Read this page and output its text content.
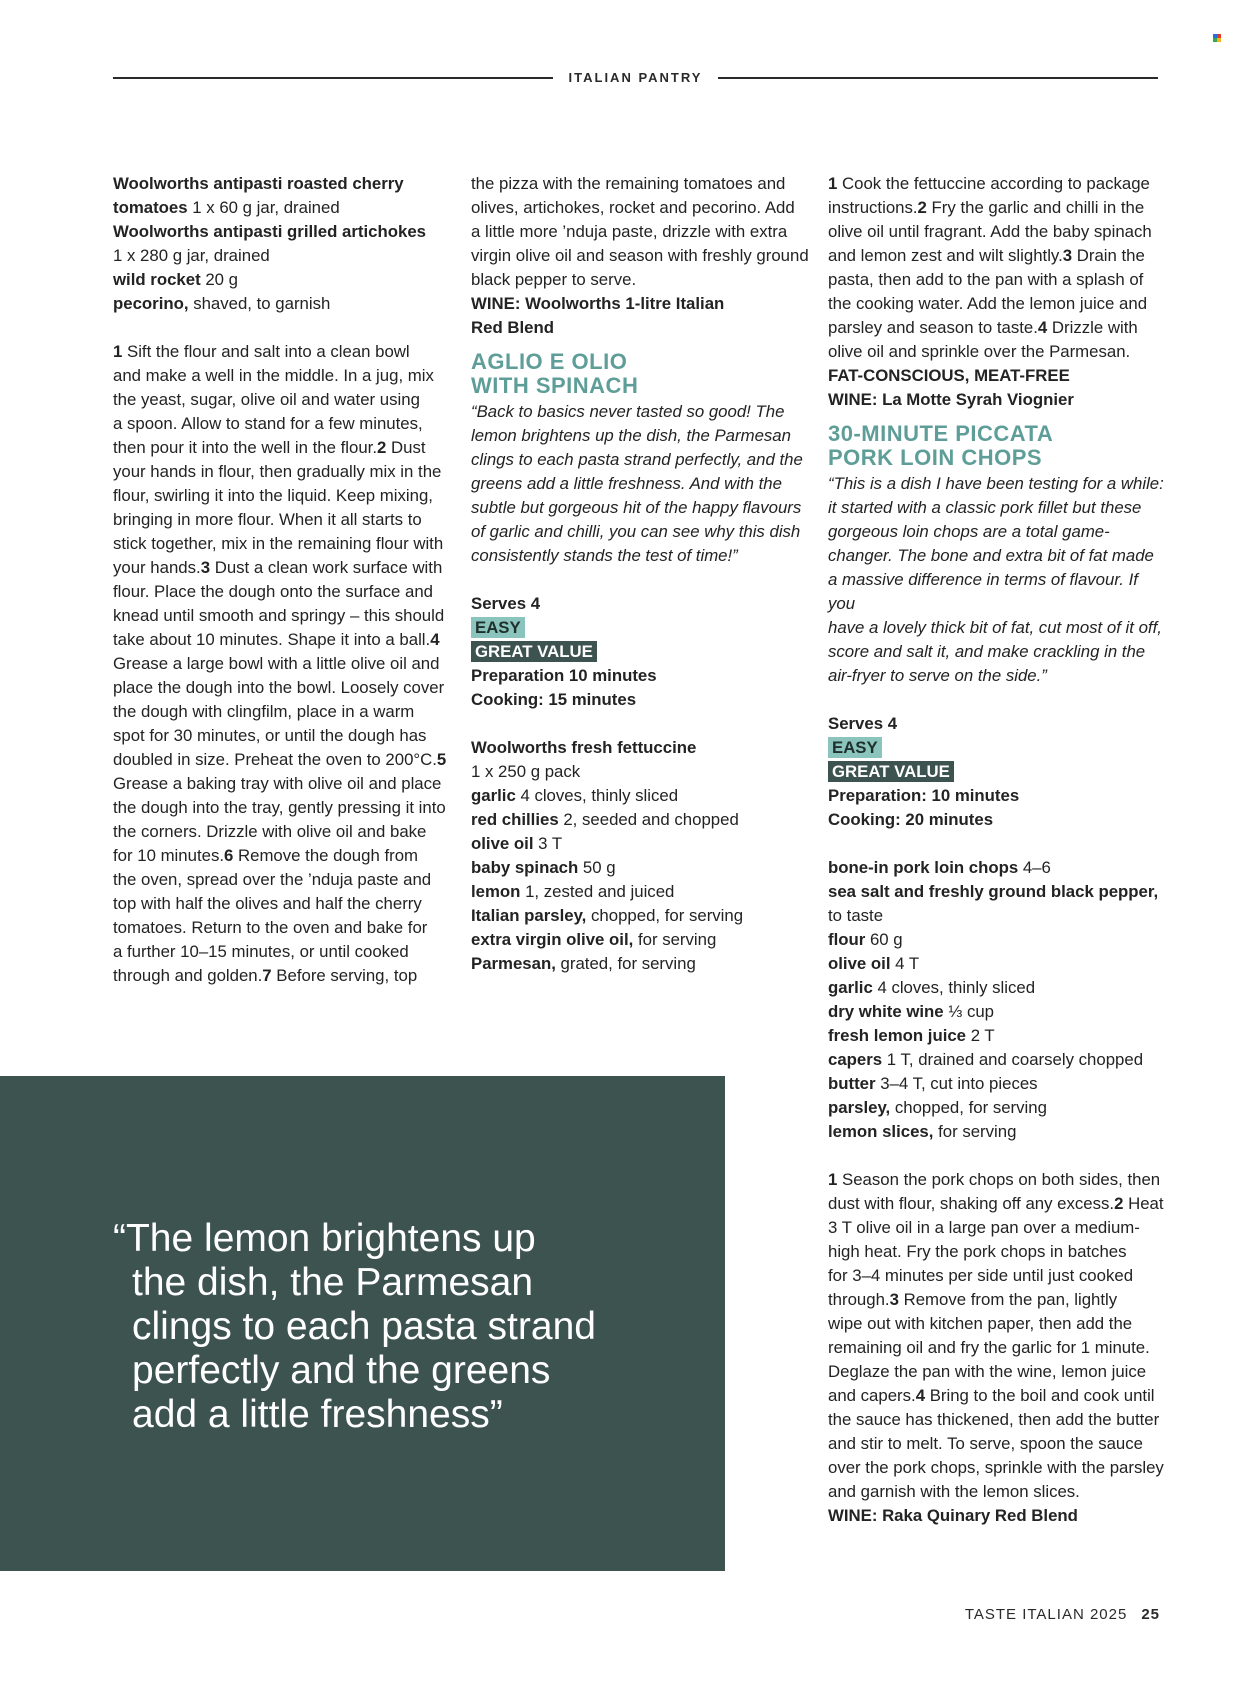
ITALIAN PANTRY

Woolworths antipasti roasted cherry

tomatoes 1 x 60 g jar, drained

Woolworths antipasti grilled artichokes

1 x 280 g jar, drained

wild rocket 20 g

pecorino, shaved, to garnish

1 Sift the flour and salt into a clean bowl

and make a well in the middle. In a jug, mix

the yeast, sugar, olive oil and water using

a spoon. Allow to stand for a few minutes,

then pour it into the well in the flour.2 Dust

your hands in flour, then gradually mix in the

flour, swirling it into the liquid. Keep mixing,

bringing in more flour. When it all starts to

stick together, mix in the remaining flour with

your hands.3 Dust a clean work surface with

flour. Place the dough onto the surface and

knead until smooth and springy – this should

take about 10 minutes. Shape it into a ball.4 Grease a large bowl with a little olive oil and

place the dough into the bowl. Loosely cover

the dough with clingfilm, place in a warm

spot for 30 minutes, or until the dough has

doubled in size. Preheat the oven to 200°C.5 Grease a baking tray with olive oil and place

the dough into the tray, gently pressing it into

the corners. Drizzle with olive oil and bake

for 10 minutes.6 Remove the dough from

the oven, spread over the ’nduja paste and

top with half the olives and half the cherry

tomatoes. Return to the oven and bake for

a further 10–15 minutes, or until cooked

through and golden.7 Before serving, top

the pizza with the remaining tomatoes and

olives, artichokes, rocket and pecorino. Add

a little more ’nduja paste, drizzle with extra

virgin olive oil and season with freshly ground

black pepper to serve.

WINE: Woolworths 1-litre Italian

Red Blend

AGLIO E OLIO
WITH SPINACH

“Back to basics never tasted so good! The

lemon brightens up the dish, the Parmesan

clings to each pasta strand perfectly, and the

greens add a little freshness. And with the

subtle but gorgeous hit of the happy flavours

of garlic and chilli, you can see why this dish

consistently stands the test of time!”

Serves 4

EASY

GREAT VALUE

Preparation 10 minutes

Cooking: 15 minutes

Woolworths fresh fettuccine

1 x 250 g pack

garlic 4 cloves, thinly sliced

red chillies 2, seeded and chopped

olive oil 3 T

baby spinach 50 g

lemon 1, zested and juiced

Italian parsley, chopped, for serving

extra virgin olive oil, for serving

Parmesan, grated, for serving

1 Cook the fettuccine according to package

instructions.2 Fry the garlic and chilli in the

olive oil until fragrant. Add the baby spinach

and lemon zest and wilt slightly.3 Drain the

pasta, then add to the pan with a splash of

the cooking water. Add the lemon juice and

parsley and season to taste.4 Drizzle with

olive oil and sprinkle over the Parmesan.

FAT-CONSCIOUS, MEAT-FREE

WINE: La Motte Syrah Viognier

30-MINUTE PICCATA
PORK LOIN CHOPS

“This is a dish I have been testing for a while:

it started with a classic pork fillet but these

gorgeous loin chops are a total game-

changer. The bone and extra bit of fat made

a massive difference in terms of flavour. If you

have a lovely thick bit of fat, cut most of it off,

score and salt it, and make crackling in the

air-fryer to serve on the side.”

Serves 4

EASY

GREAT VALUE

Preparation: 10 minutes

Cooking: 20 minutes

bone-in pork loin chops 4–6

sea salt and freshly ground black pepper,

to taste

flour 60 g

olive oil 4 T

garlic 4 cloves, thinly sliced

dry white wine ⅓ cup

fresh lemon juice 2 T

capers 1 T, drained and coarsely chopped

butter 3–4 T, cut into pieces

parsley, chopped, for serving

lemon slices, for serving

1 Season the pork chops on both sides, then

dust with flour, shaking off any excess.2 Heat

3 T olive oil in a large pan over a medium-

high heat. Fry the pork chops in batches

for 3–4 minutes per side until just cooked

through.3 Remove from the pan, lightly

wipe out with kitchen paper, then add the

remaining oil and fry the garlic for 1 minute.

Deglaze the pan with the wine, lemon juice

and capers.4 Bring to the boil and cook until

the sauce has thickened, then add the butter

and stir to melt. To serve, spoon the sauce

over the pork chops, sprinkle with the parsley

and garnish with the lemon slices.

WINE: Raka Quinary Red Blend

“The lemon brightens up
the dish, the Parmesan
clings to each pasta strand
perfectly and the greens
add a little freshness”
TASTE ITALIAN 2025 25
